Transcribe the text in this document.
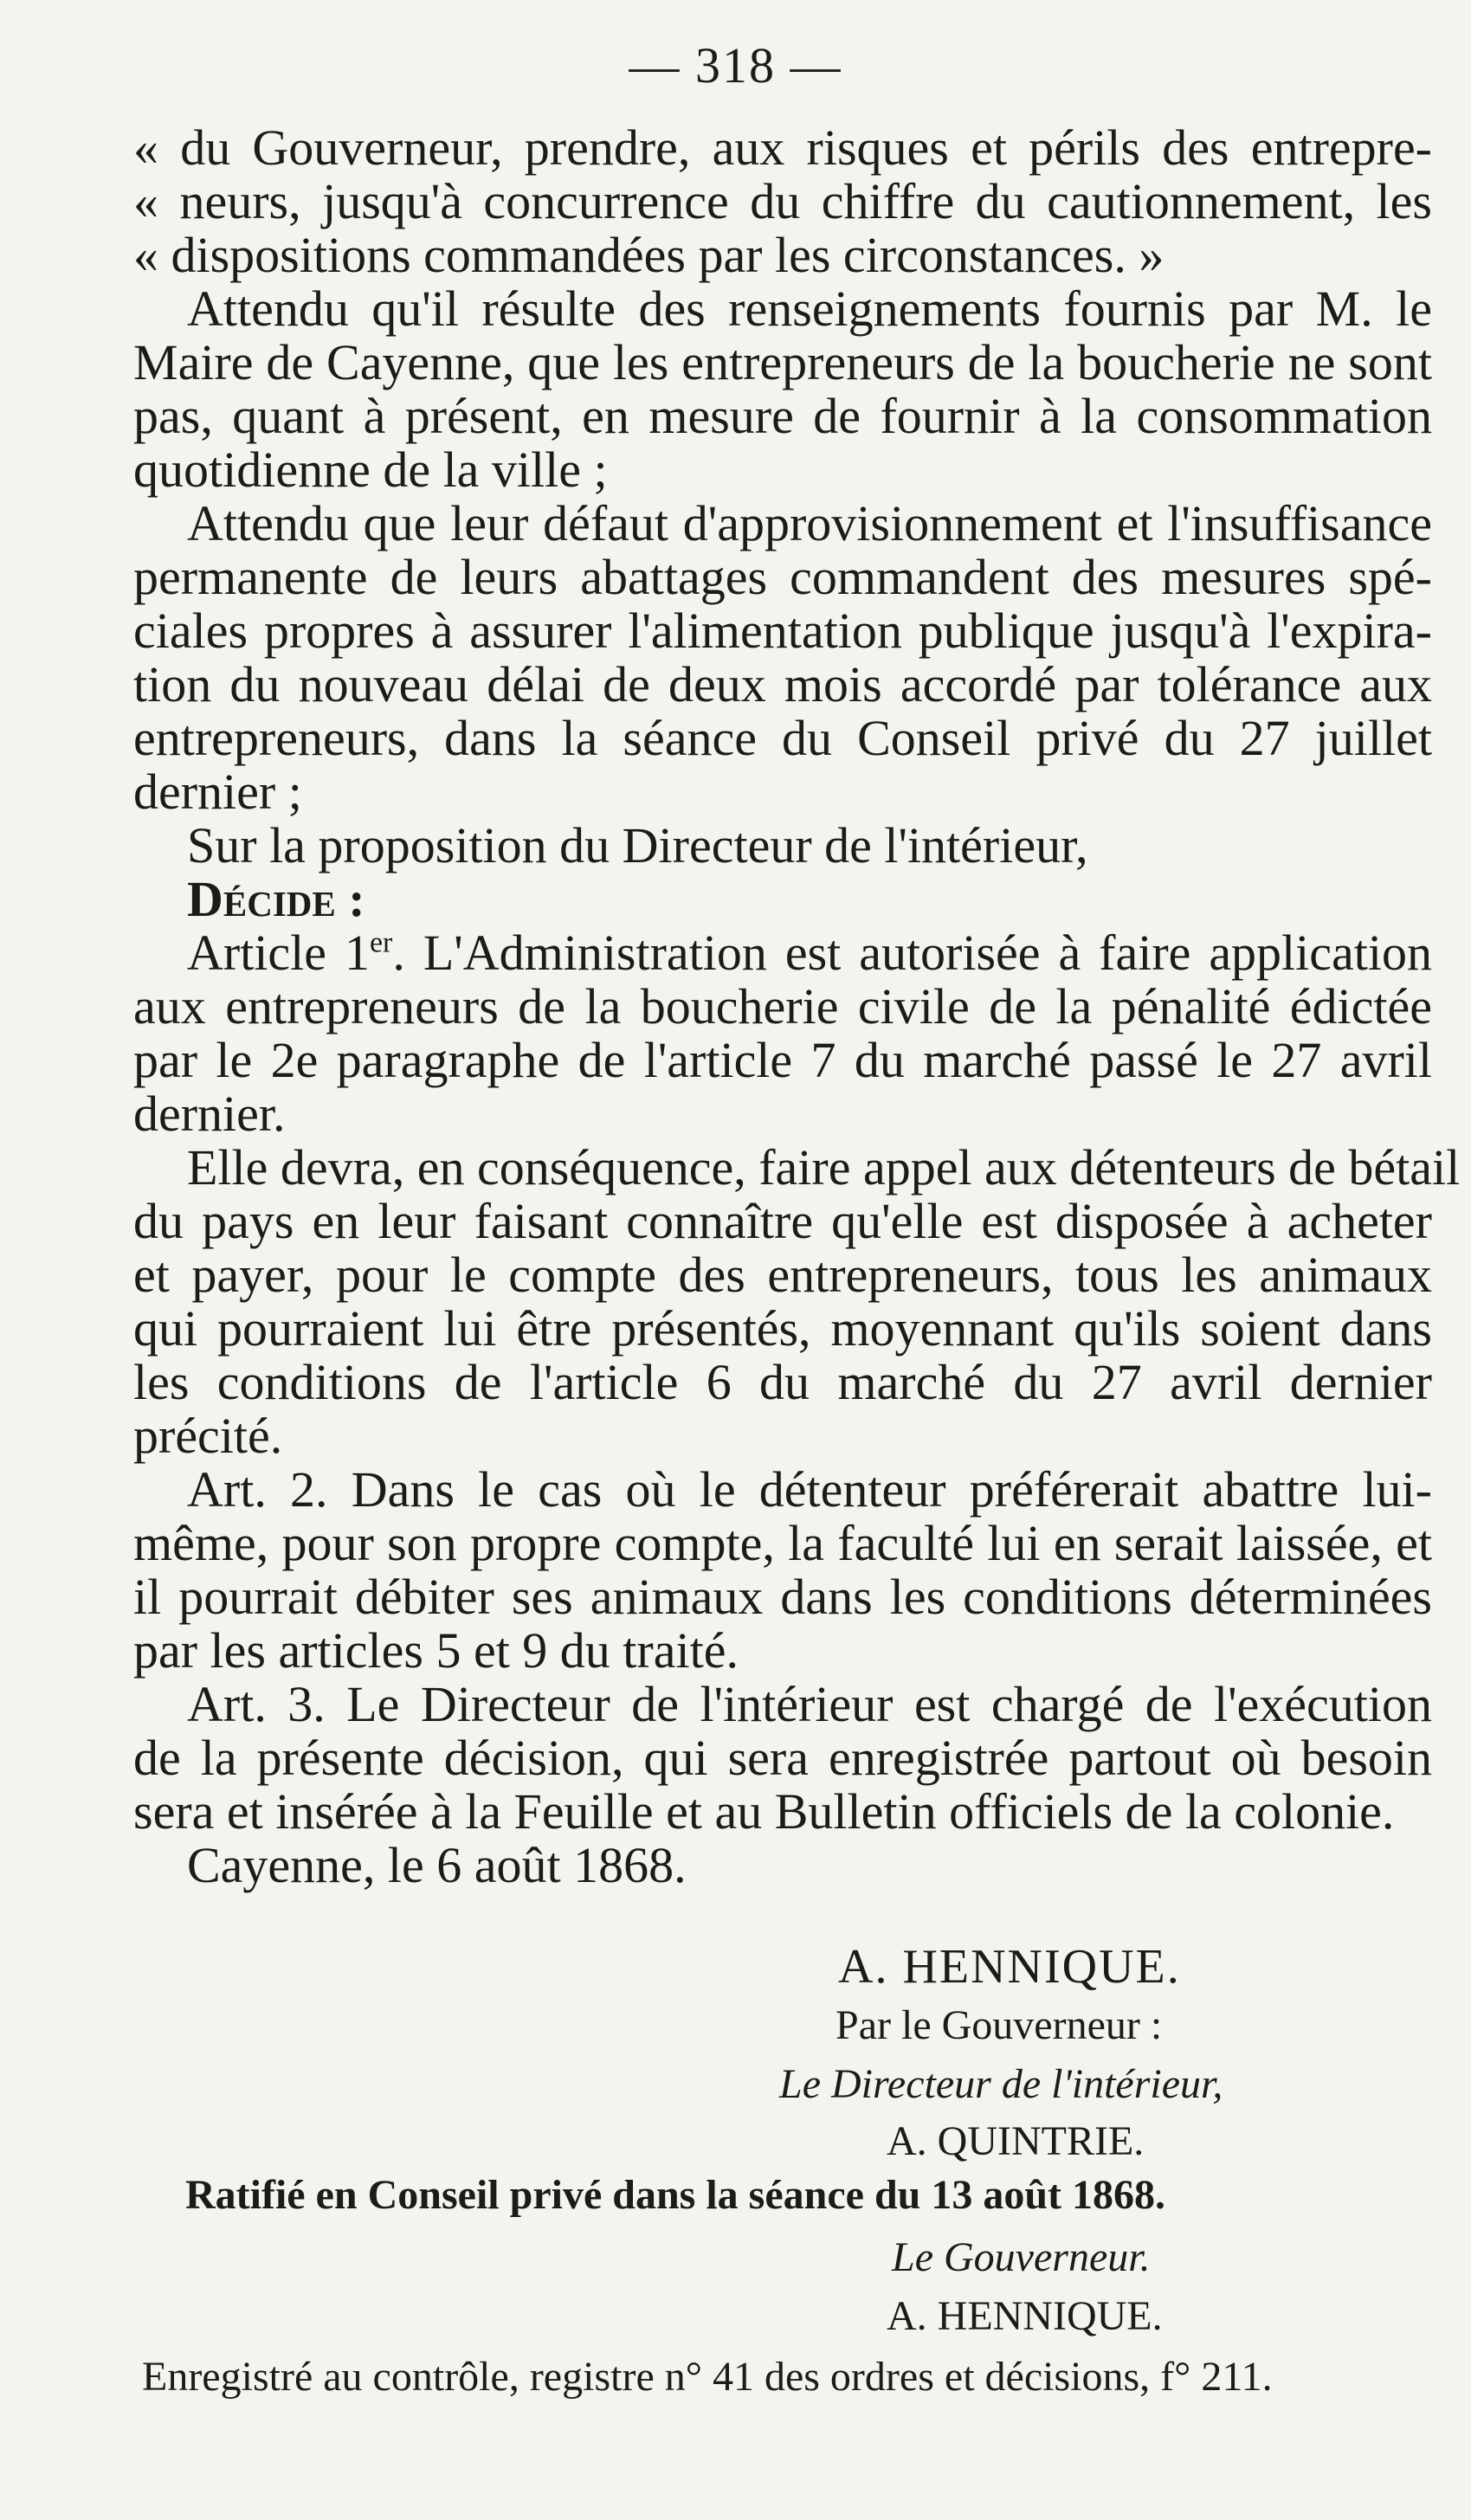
— 318 —
« du Gouverneur, prendre, aux risques et périls des entrepre-
« neurs, jusqu'à concurrence du chiffre du cautionnement, les
« dispositions commandées par les circonstances. »
Attendu qu'il résulte des renseignements fournis par M. le
Maire de Cayenne, que les entrepreneurs de la boucherie ne sont
pas, quant à présent, en mesure de fournir à la consommation
quotidienne de la ville ;
Attendu que leur défaut d'approvisionnement et l'insuffisance
permanente de leurs abattages commandent des mesures spé-
ciales propres à assurer l'alimentation publique jusqu'à l'expira-
tion du nouveau délai de deux mois accordé par tolérance aux
entrepreneurs, dans la séance du Conseil privé du 27 juillet
dernier ;
Sur la proposition du Directeur de l'intérieur,
Décide :
Article 1er. L'Administration est autorisée à faire application
aux entrepreneurs de la boucherie civile de la pénalité édictée
par le 2e paragraphe de l'article 7 du marché passé le 27 avril
dernier.
Elle devra, en conséquence, faire appel aux détenteurs de bétail
du pays en leur faisant connaître qu'elle est disposée à acheter
et payer, pour le compte des entrepreneurs, tous les animaux
qui pourraient lui être présentés, moyennant qu'ils soient dans
les conditions de l'article 6 du marché du 27 avril dernier
précité.
Art. 2. Dans le cas où le détenteur préférerait abattre lui-
même, pour son propre compte, la faculté lui en serait laissée, et
il pourrait débiter ses animaux dans les conditions déterminées
par les articles 5 et 9 du traité.
Art. 3. Le Directeur de l'intérieur est chargé de l'exécution
de la présente décision, qui sera enregistrée partout où besoin
sera et insérée à la Feuille et au Bulletin officiels de la colonie.
Cayenne, le 6 août 1868.
A. HENNIQUE.
Par le Gouverneur :
Le Directeur de l'intérieur,
A. QUINTRIE.
Ratifié en Conseil privé dans la séance du 13 août 1868.
Le Gouverneur.
A. HENNIQUE.
Enregistré au contrôle, registre n° 41 des ordres et décisions, f° 211.
